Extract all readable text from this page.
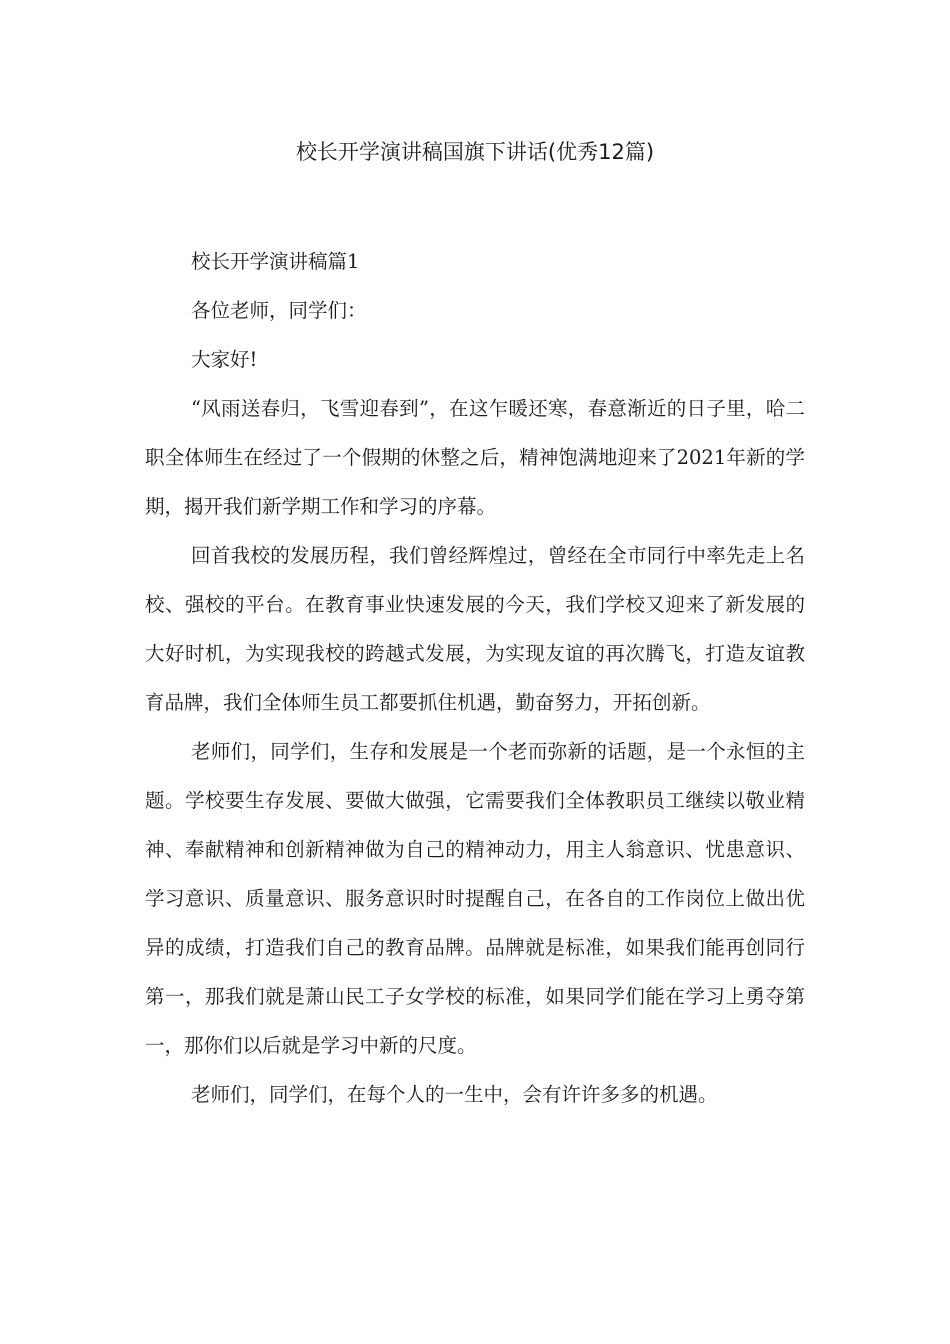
校长开学演讲稿国旗下讲话(优秀12篇)

校长开学演讲稿篇1

各位老师，同学们：

大家好!

“风雨送春归，飞雪迎春到”，在这乍暖还寒，春意渐近的日子里，哈二职全体师生在经过了一个假期的休整之后，精神饱满地迎来了2021年新的学期，揭开我们新学期工作和学习的序幕。

回首我校的发展历程，我们曾经辉煌过，曾经在全市同行中率先走上名校、强校的平台。在教育事业快速发展的今天，我们学校又迎来了新发展的大好时机，为实现我校的跨越式发展，为实现友谊的再次腾飞，打造友谊教育品牌，我们全体师生员工都要抓住机遇，勤奋努力，开拓创新。

老师们，同学们，生存和发展是一个老而弥新的话题，是一个永恒的主题。学校要生存发展、要做大做强，它需要我们全体教职员工继续以敬业精神、奉献精神和创新精神做为自己的精神动力，用主人翁意识、忧患意识、学习意识、质量意识、服务意识时时提醒自己，在各自的工作岗位上做出优异的成绩，打造我们自己的教育品牌。品牌就是标准，如果我们能再创同行第一，那我们就是萧山民工子女学校的标准，如果同学们能在学习上勇夺第一，那你们以后就是学习中新的尺度。

老师们，同学们，在每个人的一生中，会有许许多多的机遇。
